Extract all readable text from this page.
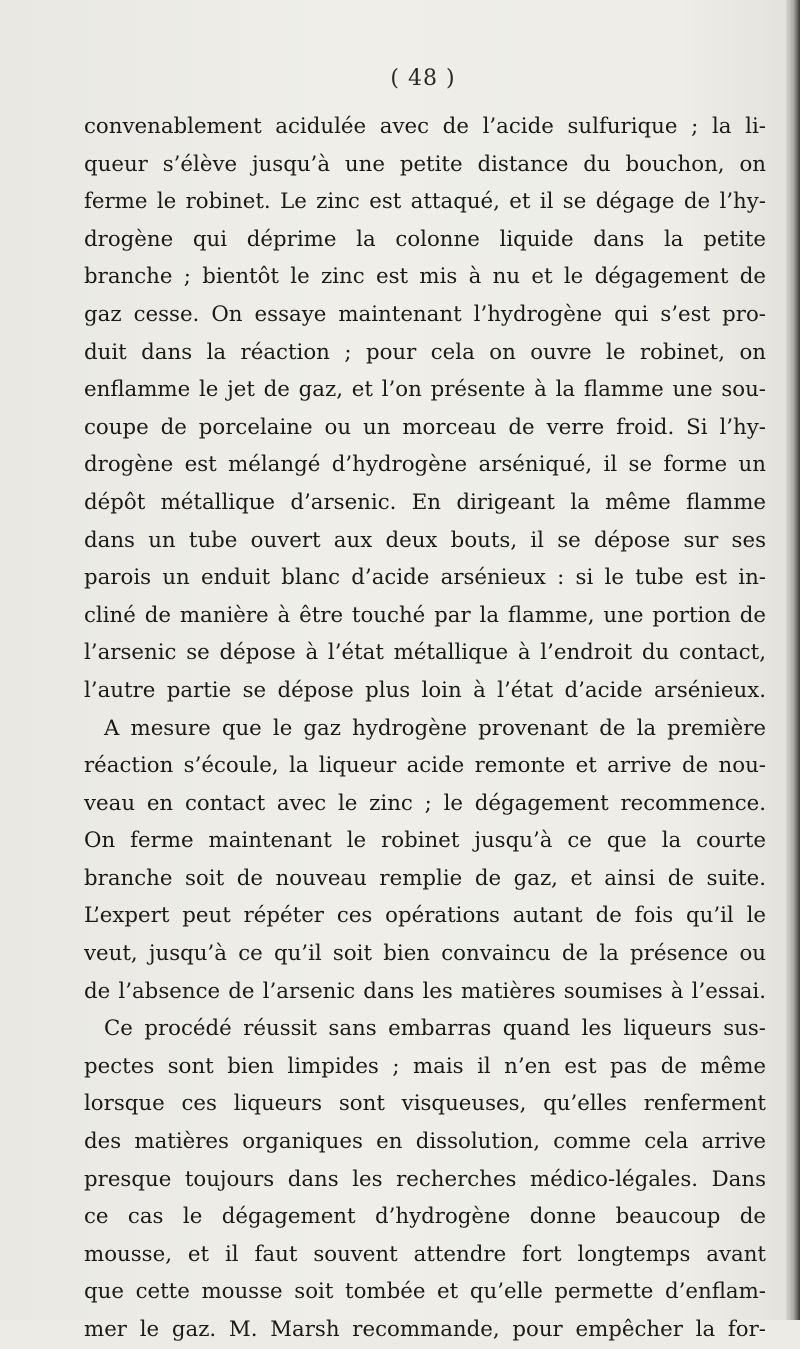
( 48 )
convenablement acidulée avec de l’acide sulfurique ; la li-
queur s’élève jusqu’à une petite distance du bouchon, on
ferme le robinet. Le zinc est attaqué, et il se dégage de l’hy-
drogène qui déprime la colonne liquide dans la petite
branche ; bientôt le zinc est mis à nu et le dégagement de
gaz cesse. On essaye maintenant l’hydrogène qui s’est pro-
duit dans la réaction ; pour cela on ouvre le robinet, on
enflamme le jet de gaz, et l’on présente à la flamme une sou-
coupe de porcelaine ou un morceau de verre froid. Si l’hy-
drogène est mélangé d’hydrogène arséniqué, il se forme un
dépôt métallique d’arsenic. En dirigeant la même flamme
dans un tube ouvert aux deux bouts, il se dépose sur ses
parois un enduit blanc d’acide arsénieux : si le tube est in-
cliné de manière à être touché par la flamme, une portion de
l’arsenic se dépose à l’état métallique à l’endroit du contact,
l’autre partie se dépose plus loin à l’état d’acide arsénieux.
A mesure que le gaz hydrogène provenant de la première
réaction s’écoule, la liqueur acide remonte et arrive de nou-
veau en contact avec le zinc ; le dégagement recommence.
On ferme maintenant le robinet jusqu’à ce que la courte
branche soit de nouveau remplie de gaz, et ainsi de suite.
L’expert peut répéter ces opérations autant de fois qu’il le
veut, jusqu’à ce qu’il soit bien convaincu de la présence ou
de l’absence de l’arsenic dans les matières soumises à l’essai.
Ce procédé réussit sans embarras quand les liqueurs sus-
pectes sont bien limpides ; mais il n’en est pas de même
lorsque ces liqueurs sont visqueuses, qu’elles renferment
des matières organiques en dissolution, comme cela arrive
presque toujours dans les recherches médico-légales. Dans
ce cas le dégagement d’hydrogène donne beaucoup de
mousse, et il faut souvent attendre fort longtemps avant
que cette mousse soit tombée et qu’elle permette d’enflam-
mer le gaz. M. Marsh recommande, pour empêcher la for-
